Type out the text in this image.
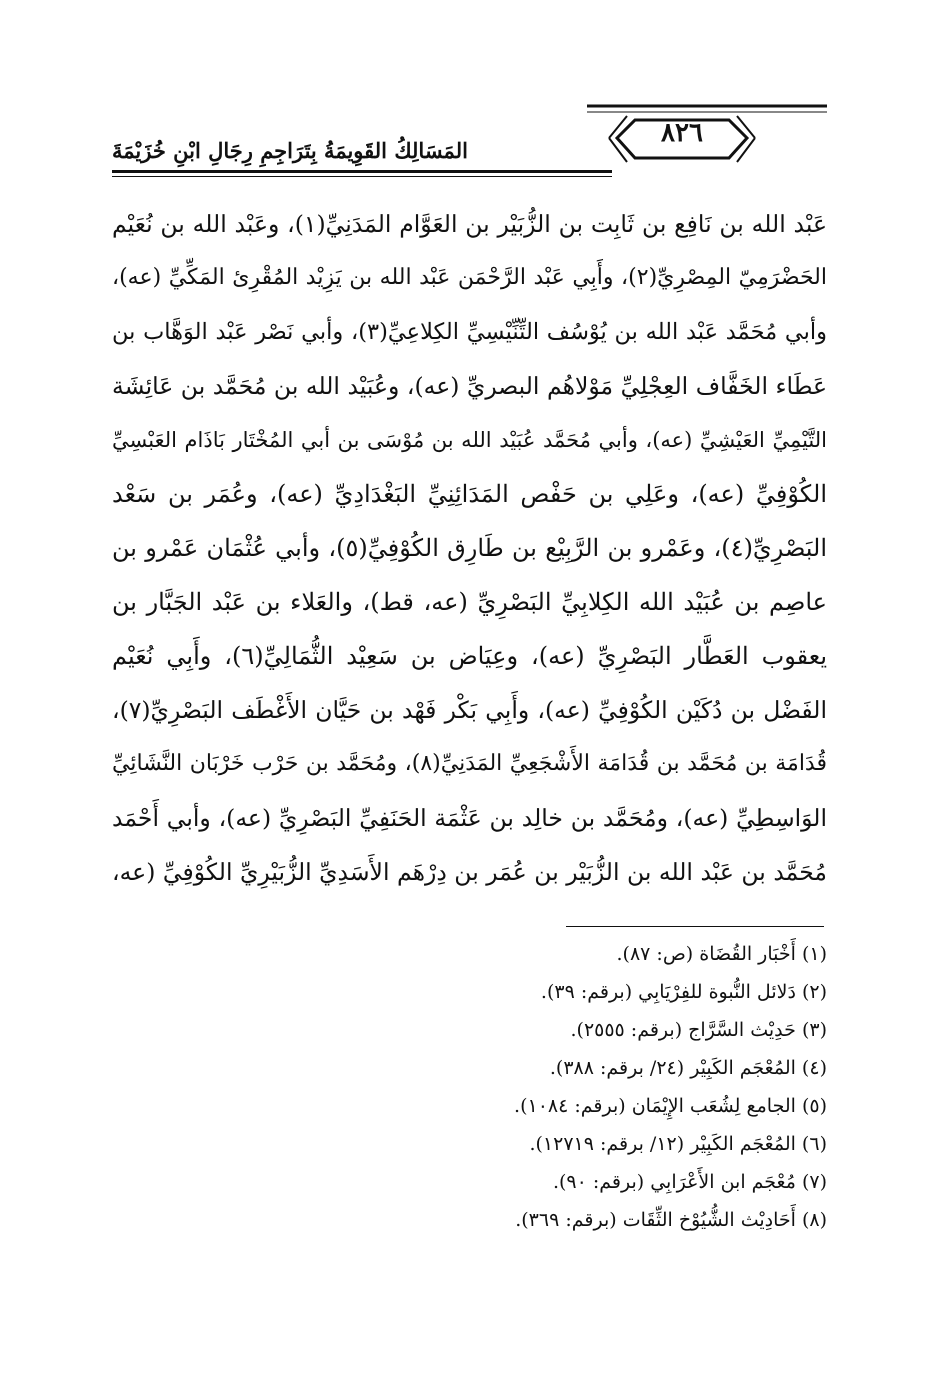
٨٢٦
المَسَالِكُ القَوِيمَةُ بِتَرَاجِمِ رِجَالِ ابْنِ خُزَيْمَةَ
عَبْد الله بن نَافِع بن ثَابِت بن الزُّبَيْر بن العَوَّام المَدَنِيِّ(١)، وعَبْد الله بن نُعَيْم
الحَضْرَمِيّ المِصْرِيِّ(٢)، وأَبِي عَبْد الرَّحْمَن عَبْد الله بن يَزِيْد المُقْرِئ المَكِّيِّ (عه)،
وأبي مُحَمَّد عَبْد الله بن يُوْسُف التِّنِّيْسِيِّ الكِلاعِيِّ(٣)، وأبي نَصْر عَبْد الوَهَّاب بن
عَطَاء الخَفَّاف العِجْلِيِّ مَوْلاهُم البصريِّ (عه)، وعُبَيْد الله بن مُحَمَّد بن عَائِشَة
التَّيْمِيِّ العَيْشِيِّ (عه)، وأبي مُحَمَّد عُبَيْد الله بن مُوْسَى بن أبي المُخْتَار بَاذَام العَبْسِيِّ
الكُوْفِيِّ (عه)، وعَلِي بن حَفْص المَدَائِنِيِّ البَغْدَادِيِّ (عه)، وعُمَر بن سَعْد
البَصْرِيِّ(٤)، وعَمْرو بن الرَّبِيْع بن طَارِق الكُوْفِيِّ(٥)، وأبي عُثْمَان عَمْرو بن
عاصِم بن عُبَيْد الله الكِلابِيِّ البَصْرِيِّ (عه، قط)، والعَلاء بن عَبْد الجَبَّار بن
يعقوب العَطَّار البَصْرِيِّ (عه)، وعِيَاض بن سَعِيْد الثُّمَالِيِّ(٦)، وأَبِي نُعَيْم
الفَضْل بن دُكَيْن الكُوْفِيِّ (عه)، وأَبِي بَكْر فَهْد بن حَيَّان الأَغْطَف البَصْرِيِّ(٧)،
قُدَامَة بن مُحَمَّد بن قُدَامَة الأَشْجَعِيِّ المَدَنِيِّ(٨)، ومُحَمَّد بن حَرْب خَرْبَان النَّشَائِيِّ
الوَاسِطِيِّ (عه)، ومُحَمَّد بن خالِد بن عَثْمَة الحَنَفِيِّ البَصْرِيِّ (عه)، وأبي أَحْمَد
مُحَمَّد بن عَبْد الله بن الزُّبَيْر بن عُمَر بن دِرْهَم الأَسَدِيِّ الزُّبَيْرِيِّ الكُوْفِيِّ (عه،
(١) أَخْبَار القُضَاة (ص: ٨٧).
(٢) دَلائل النُّبوة للفِرْيَابِي (برقم: ٣٩).
(٣) حَدِيْث السَّرَّاج (برقم: ٢٥٥٥).
(٤) المُعْجَم الكَبِيْر (٢٤/ برقم: ٣٨٨).
(٥) الجامع لِشُعَب الإِيْمَان (برقم: ١٠٨٤).
(٦) المُعْجَم الكَبِيْر (١٢/ برقم: ١٢٧١٩).
(٧) مُعْجَم ابن الأَعْرَابِي (برقم: ٩٠).
(٨) أَحَادِيْث الشُّيُوْخ الثِّقَات (برقم: ٣٦٩).
